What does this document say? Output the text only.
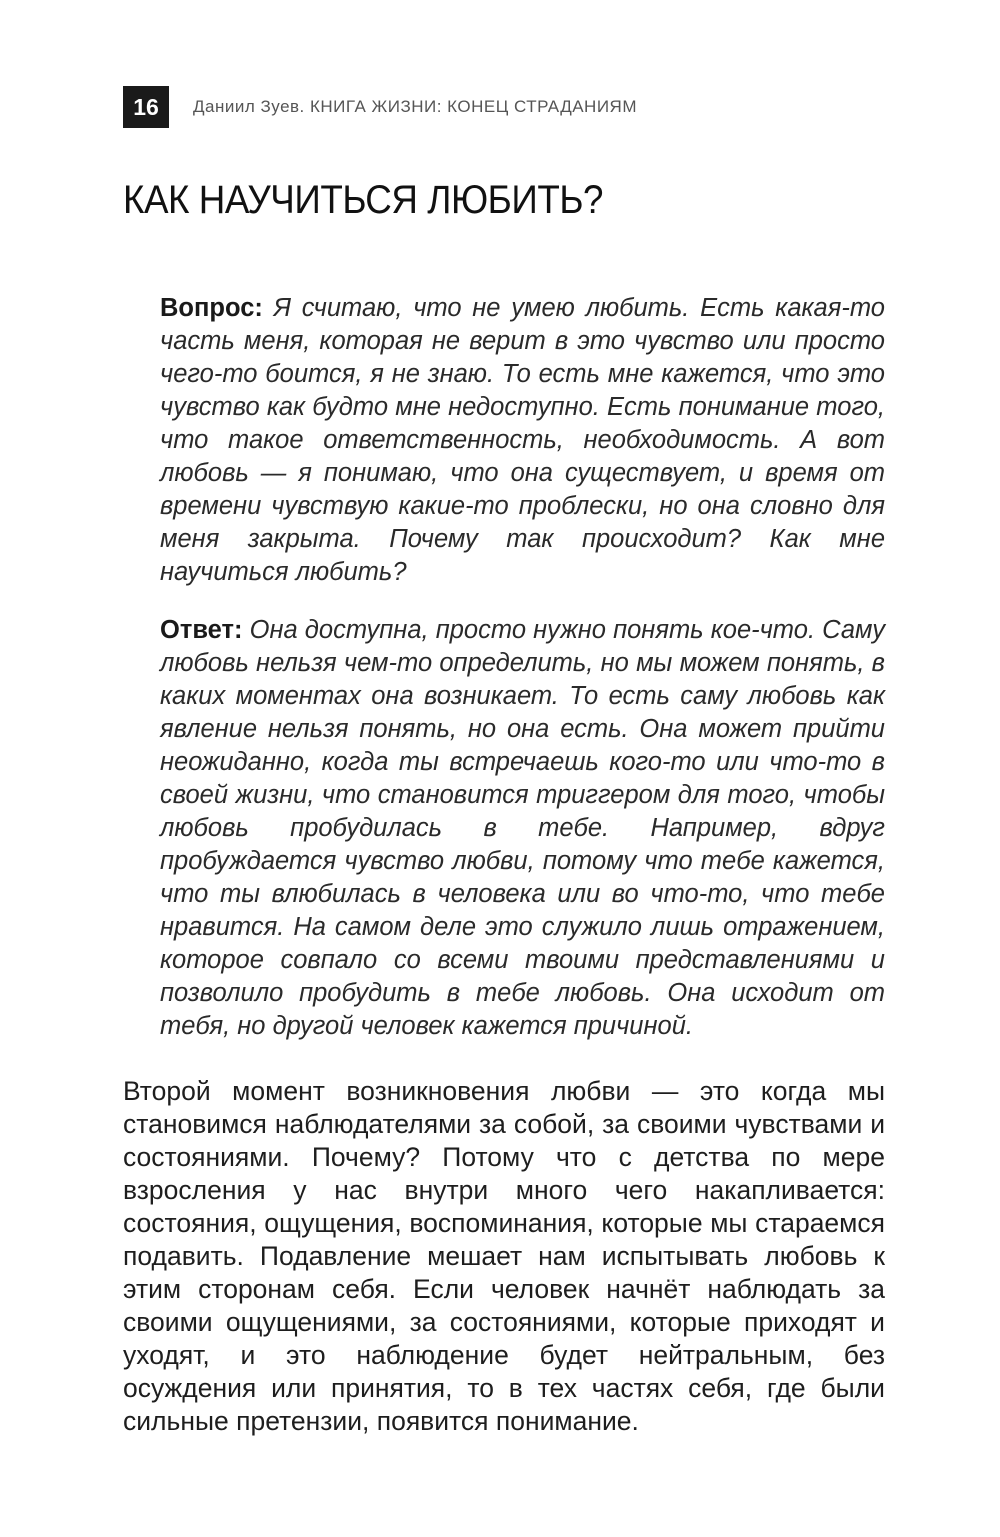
16	Даниил Зуев. КНИГА ЖИЗНИ: КОНЕЦ СТРАДАНИЯМ
КАК НАУЧИТЬСЯ ЛЮБИТЬ?

Вопрос: Я считаю, что не умею любить. Есть какая-то часть меня, которая не верит в это чувство или просто чего-то боится, я не знаю. То есть мне кажется, что это чувство как будто мне недоступно. Есть понимание того, что такое ответственность, необходимость. А вот любовь — я понимаю, что она существует, и время от времени чувствую какие-то проблески, но она словно для меня закрыта. Почему так происходит? Как мне научиться любить?

Ответ: Она доступна, просто нужно понять кое-что. Саму любовь нельзя чем-то определить, но мы можем понять, в каких моментах она возникает. То есть саму любовь как явление нельзя понять, но она есть. Она может прийти неожиданно, когда ты встречаешь кого-то или что-то в своей жизни, что становится триггером для того, чтобы любовь пробудилась в тебе. Например, вдруг пробуждается чувство любви, потому что тебе кажется, что ты влюбилась в человека или во что-то, что тебе нравится. На самом деле это служило лишь отражением, которое совпало со всеми твоими представлениями и позволило пробудить в тебе любовь. Она исходит от тебя, но другой человек кажется причиной.

Второй момент возникновения любви — это когда мы становимся наблюдателями за собой, за своими чувствами и состояниями. Почему? Потому что с детства по мере взросления у нас внутри много чего накапливается: состояния, ощущения, воспоминания, которые мы стараемся подавить. Подавление мешает нам испытывать любовь к этим сторонам себя. Если человек начнёт наблюдать за своими ощущениями, за состояниями, которые приходят и уходят, и это наблюдение будет нейтральным, без осуждения или принятия, то в тех частях себя, где были сильные претензии, появится понимание.
